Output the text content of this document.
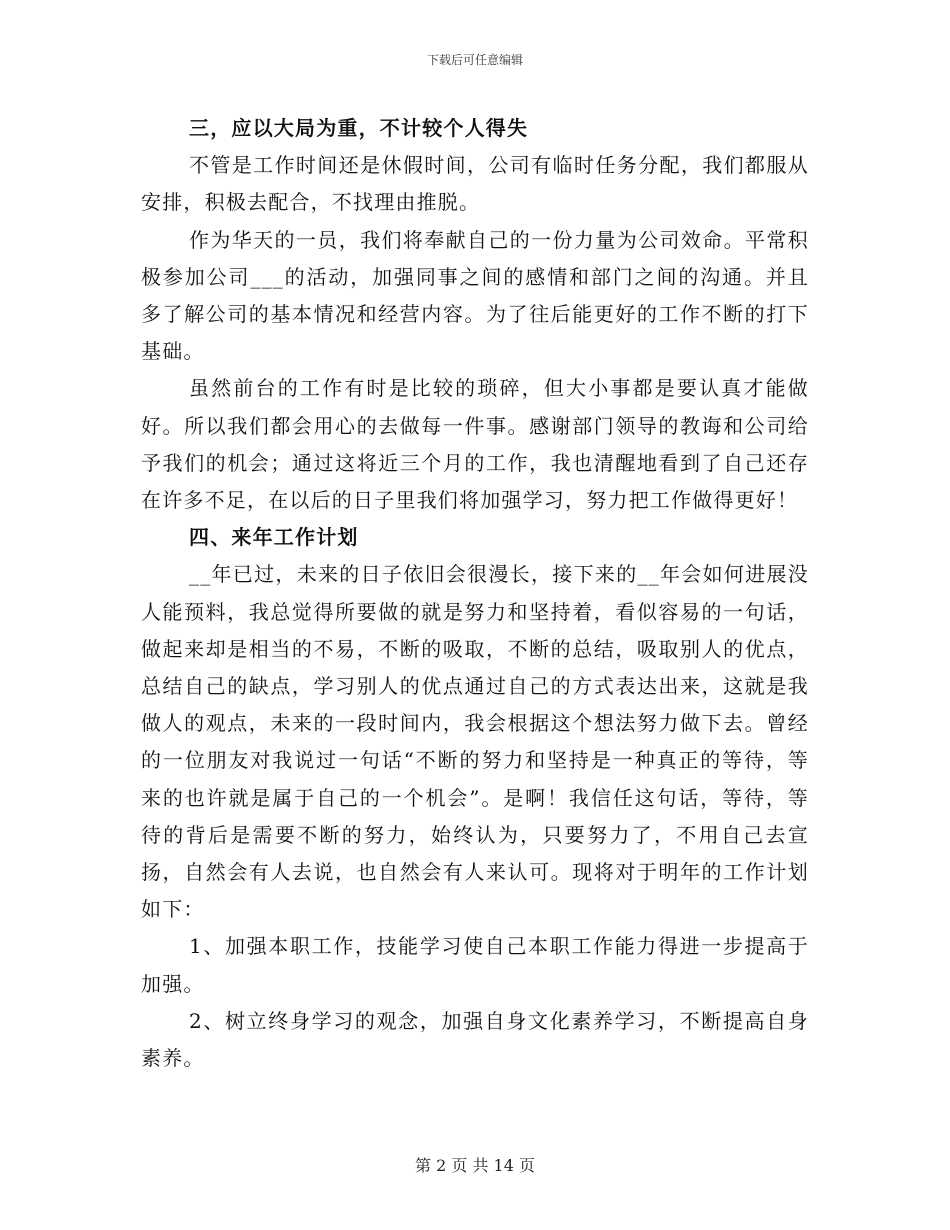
下载后可任意编辑

三，应以大局为重，不计较个人得失

不管是工作时间还是休假时间，公司有临时任务分配，我们都服从安排，积极去配合，不找理由推脱。

作为华天的一员，我们将奉献自己的一份力量为公司效命。平常积极参加公司___的活动，加强同事之间的感情和部门之间的沟通。并且多了解公司的基本情况和经营内容。为了往后能更好的工作不断的打下基础。

虽然前台的工作有时是比较的琐碎，但大小事都是要认真才能做好。所以我们都会用心的去做每一件事。感谢部门领导的教诲和公司给予我们的机会；通过这将近三个月的工作，我也清醒地看到了自己还存在许多不足，在以后的日子里我们将加强学习，努力把工作做得更好！

四、来年工作计划

__年已过，未来的日子依旧会很漫长，接下来的__年会如何进展没人能预料，我总觉得所要做的就是努力和坚持着，看似容易的一句话，做起来却是相当的不易，不断的吸取，不断的总结，吸取别人的优点，总结自己的缺点，学习别人的优点通过自己的方式表达出来，这就是我做人的观点，未来的一段时间内，我会根据这个想法努力做下去。曾经的一位朋友对我说过一句话“不断的努力和坚持是一种真正的等待，等来的也许就是属于自己的一个机会”。是啊！我信任这句话，等待，等待的背后是需要不断的努力，始终认为，只要努力了，不用自己去宣扬，自然会有人去说，也自然会有人来认可。现将对于明年的工作计划如下：

1、加强本职工作，技能学习使自己本职工作能力得进一步提高于加强。

2、树立终身学习的观念，加强自身文化素养学习，不断提高自身素养。

第 2 页 共 14 页
